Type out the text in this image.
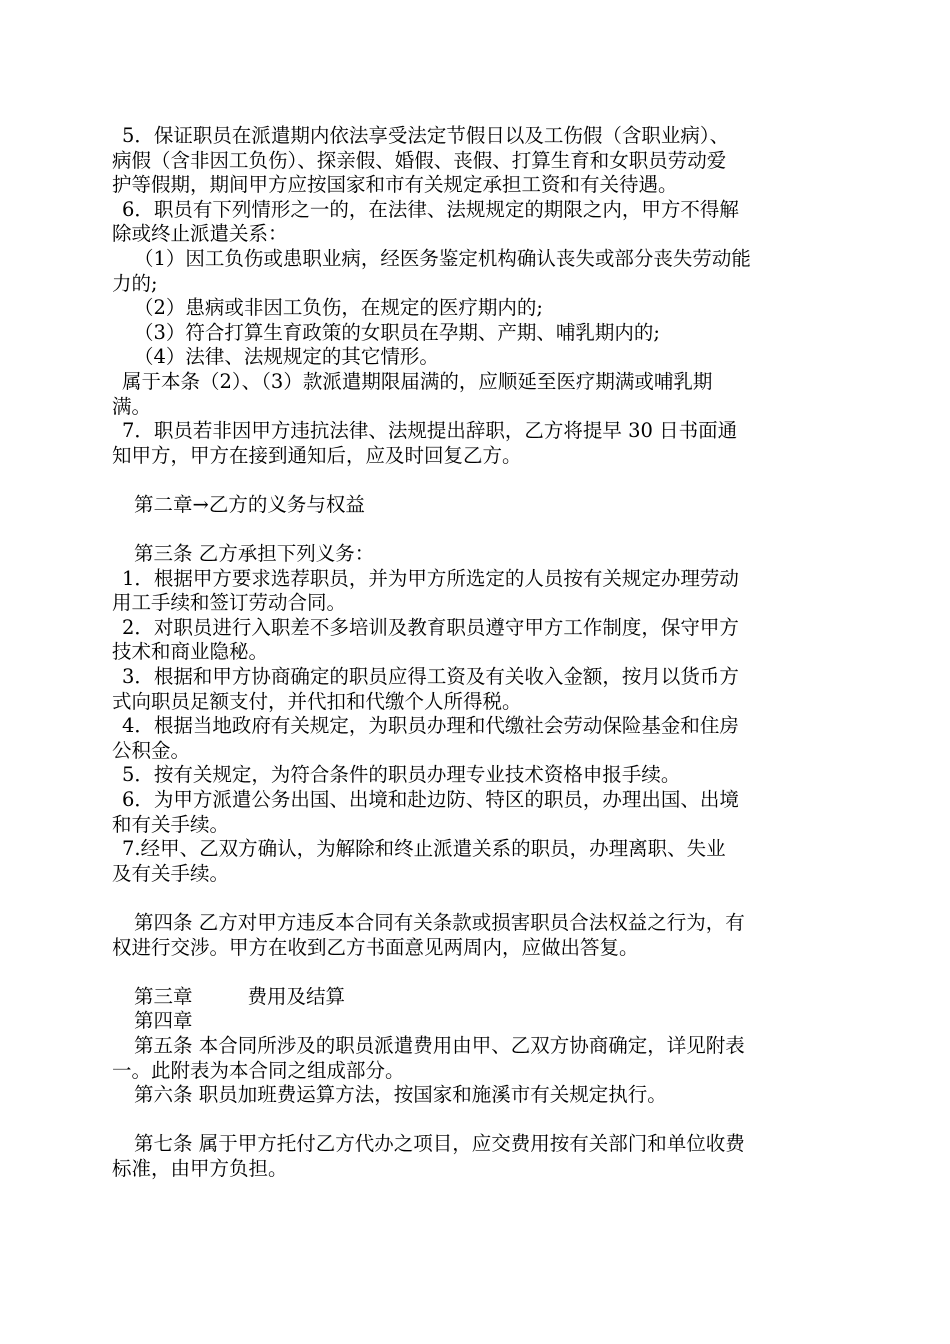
5．保证职员在派遣期内依法享受法定节假日以及工伤假（含职业病）、

病假（含非因工负伤）、探亲假、婚假、丧假、打算生育和女职员劳动爱

护等假期，期间甲方应按国家和市有关规定承担工资和有关待遇。

6．职员有下列情形之一的，在法律、法规规定的期限之内，甲方不得解

除或终止派遣关系：

（1）因工负伤或患职业病，经医务鉴定机构确认丧失或部分丧失劳动能

力的;

（2）患病或非因工负伤，在规定的医疗期内的;

（3）符合打算生育政策的女职员在孕期、产期、哺乳期内的;

（4）法律、法规规定的其它情形。

属于本条（2）、（3）款派遣期限届满的，应顺延至医疗期满或哺乳期

满。

7．职员若非因甲方违抗法律、法规提出辞职，乙方将提早 30 日书面通

知甲方，甲方在接到通知后，应及时回复乙方。

第二章→乙方的义务与权益

第三条 乙方承担下列义务：

1．根据甲方要求选荐职员，并为甲方所选定的人员按有关规定办理劳动

用工手续和签订劳动合同。

2．对职员进行入职差不多培训及教育职员遵守甲方工作制度，保守甲方

技术和商业隐秘。

3．根据和甲方协商确定的职员应得工资及有关收入金额，按月以货币方

式向职员足额支付，并代扣和代缴个人所得税。

4．根据当地政府有关规定，为职员办理和代缴社会劳动保险基金和住房

公积金。

5．按有关规定，为符合条件的职员办理专业技术资格申报手续。

6．为甲方派遣公务出国、出境和赴边防、特区的职员，办理出国、出境

和有关手续。

7.经甲、乙双方确认，为解除和终止派遣关系的职员，办理离职、失业

及有关手续。

第四条 乙方对甲方违反本合同有关条款或损害职员合法权益之行为，有

权进行交涉。甲方在收到乙方书面意见两周内，应做出答复。

第三章	费用及结算

第四章

第五条 本合同所涉及的职员派遣费用由甲、乙双方协商确定，详见附表

一。此附表为本合同之组成部分。

第六条 职员加班费运算方法，按国家和施溪市有关规定执行。

第七条 属于甲方托付乙方代办之项目，应交费用按有关部门和单位收费

标准，由甲方负担。
